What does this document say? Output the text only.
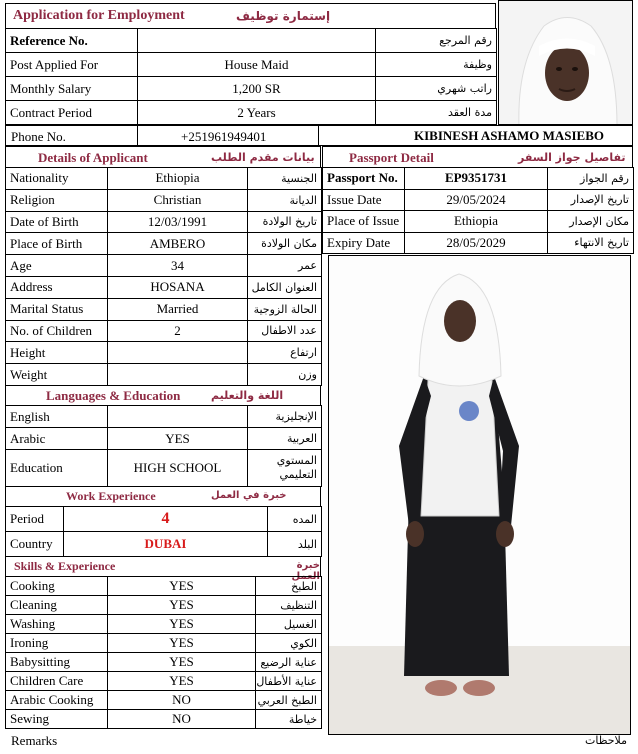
Application for Employment	إستمارة توظيف
Reference No.		رقم المرجع
Post Applied For	House Maid	وظيفة
Monthly Salary	1,200 SR	راتب شهري
Contract Period	2 Years	مدة العقد
Phone No.	+251961949401	KIBINESH ASHAMO MASIEBO
Details of Applicant	بيانات مقدم الطلب
Nationality	Ethiopia	الجنسية
Religion	Christian	الديانة
Date of Birth	12/03/1991	تاريخ الولادة
Place of Birth	AMBERO	مكان الولادة
Age	34	عمر
Address	HOSANA	العنوان الكامل
Marital Status	Married	الحالة الزوجية
No. of Children	2	عدد الاطفال
Height		ارتفاع
Weight		وزن
Passport Detail	تفاصيل جواز السفر
Passport No.	EP9351731	رقم الجواز
Issue Date	29/05/2024	تاريخ الإصدار
Place of Issue	Ethiopia	مكان الإصدار
Expiry Date	28/05/2029	تاريخ الانتهاء
Languages & Education	اللغة والتعليم
English		الإنجليزية
Arabic	YES	العربية
Education	HIGH SCHOOL	المستوي التعليمي
Work Experience	خبرة في العمل
Period	4	المده
Country	DUBAI	البلد
Skills & Experience	خبرة العمل
Cooking	YES	الطبخ
Cleaning	YES	التنظيف
Washing	YES	الغسيل
Ironing	YES	الكوي
Babysitting	YES	عناية الرضيع
Children Care	YES	عناية الأطفال
Arabic Cooking	NO	الطبخ العربي
Sewing	NO	خياطة
Remarks	ملاحظات
